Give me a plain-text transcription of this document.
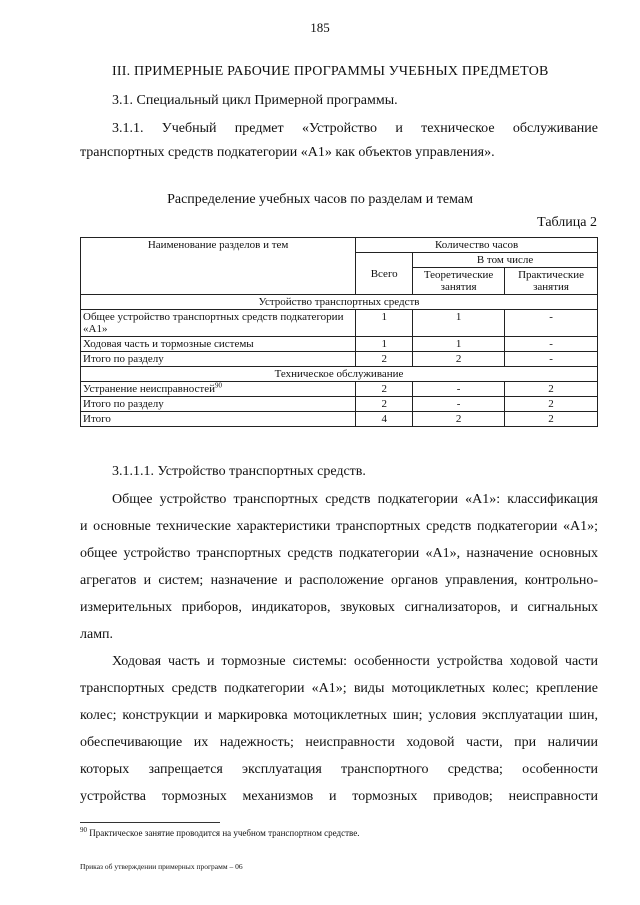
185
III. ПРИМЕРНЫЕ РАБОЧИЕ ПРОГРАММЫ УЧЕБНЫХ ПРЕДМЕТОВ
3.1. Специальный цикл Примерной программы.
3.1.1. Учебный предмет «Устройство и техническое обслуживание
транспортных средств подкатегории «A1» как объектов управления».
Распределение учебных часов по разделам и темам
Таблица 2
Наименование разделов и тем	Количество часов		
	Всего	В том числе	
		Теоретические занятия	Практические занятия
Устройство транспортных средств			
Общее устройство транспортных средств подкатегории «A1»	1	1	-
Ходовая часть и тормозные системы	1	1	-
Итого по разделу	2	2	-
Техническое обслуживание			
Устранение неисправностей$^{90}$	2	-	2
Итого по разделу	2	-	2
Итого	4	2	2
3.1.1.1. Устройство транспортных средств.
Общее устройство транспортных средств подкатегории «A1»: классификация
и основные технические характеристики транспортных средств подкатегории «A1»;
общее устройство транспортных средств подкатегории «A1», назначение основных
агрегатов и систем; назначение и расположение органов управления, контрольно-
измерительных приборов, индикаторов, звуковых сигнализаторов, и сигнальных
ламп.
Ходовая часть и тормозные системы: особенности устройства ходовой части
транспортных средств подкатегории «A1»; виды мотоциклетных колес; крепление
колес; конструкции и маркировка мотоциклетных шин; условия эксплуатации шин,
обеспечивающие их надежность; неисправности ходовой части, при наличии
которых запрещается эксплуатация транспортного средства; особенности
устройства тормозных механизмов и тормозных приводов; неисправности
$^{90}$ Практическое занятие проводится на учебном транспортном средстве.
Приказ об утверждении примерных программ – 06
